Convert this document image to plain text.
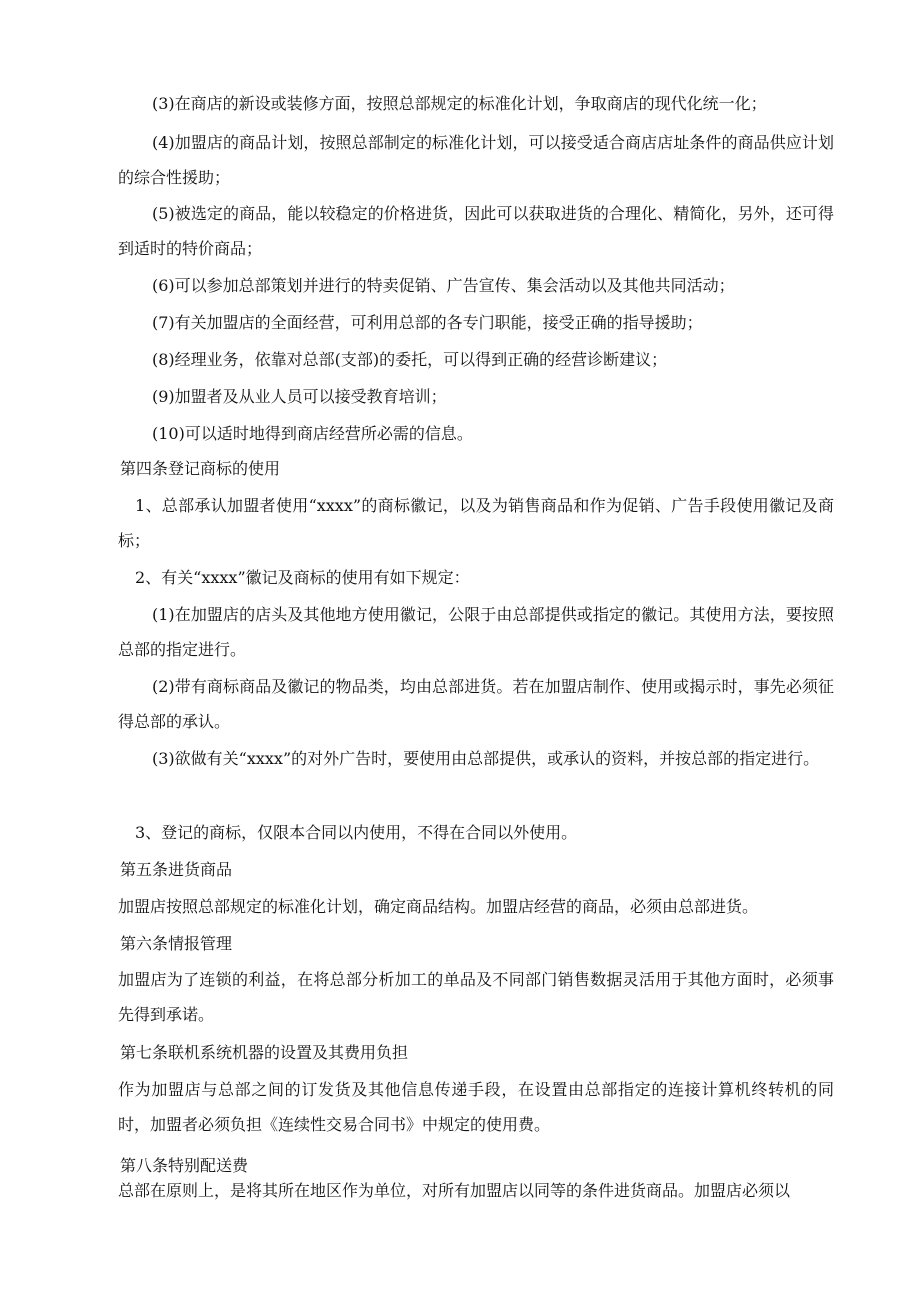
(3)在商店的新设或装修方面，按照总部规定的标准化计划，争取商店的现代化统一化；

(4)加盟店的商品计划，按照总部制定的标准化计划，可以接受适合商店店址条件的商品供应计划的综合性援助；

(5)被选定的商品，能以较稳定的价格进货，因此可以获取进货的合理化、精简化，另外，还可得到适时的特价商品；

(6)可以参加总部策划并进行的特卖促销、广告宣传、集会活动以及其他共同活动；

(7)有关加盟店的全面经营，可利用总部的各专门职能，接受正确的指导援助；

(8)经理业务，依靠对总部(支部)的委托，可以得到正确的经营诊断建议；

(9)加盟者及从业人员可以接受教育培训；

(10)可以适时地得到商店经营所必需的信息。

第四条登记商标的使用

1、总部承认加盟者使用“xxxx”的商标徽记，以及为销售商品和作为促销、广告手段使用徽记及商标；

2、有关“xxxx”徽记及商标的使用有如下规定：

(1)在加盟店的店头及其他地方使用徽记，公限于由总部提供或指定的徽记。其使用方法，要按照总部的指定进行。

(2)带有商标商品及徽记的物品类，均由总部进货。若在加盟店制作、使用或揭示时，事先必须征得总部的承认。

(3)欲做有关“xxxx”的对外广告时，要使用由总部提供，或承认的资料，并按总部的指定进行。

3、登记的商标，仅限本合同以内使用，不得在合同以外使用。

第五条进货商品

加盟店按照总部规定的标准化计划，确定商品结构。加盟店经营的商品，必须由总部进货。

第六条情报管理

加盟店为了连锁的利益，在将总部分析加工的单品及不同部门销售数据灵活用于其他方面时，必须事先得到承诺。

第七条联机系统机器的设置及其费用负担

作为加盟店与总部之间的订发货及其他信息传递手段，在设置由总部指定的连接计算机终转机的同时，加盟者必须负担《连续性交易合同书》中规定的使用费。

第八条特别配送费

总部在原则上，是将其所在地区作为单位，对所有加盟店以同等的条件进货商品。加盟店必须以
